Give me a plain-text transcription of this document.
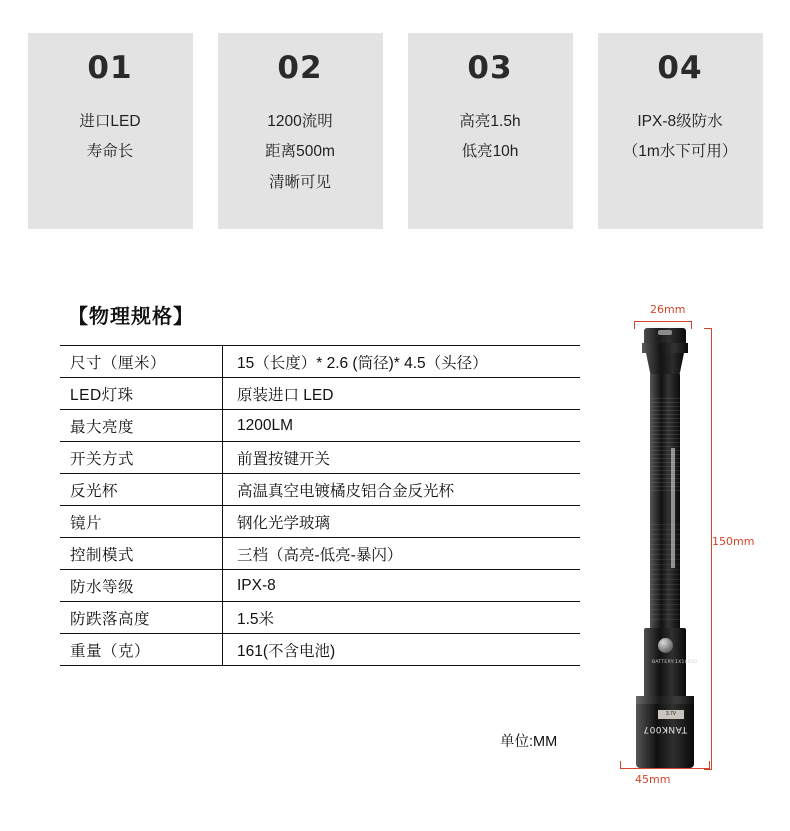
01
进口LED
寿命长
02
1200流明
距离500m
清晰可见
03
高亮1.5h
低亮10h
04
IPX-8级防水
（1m水下可用）
【物理规格】
尺寸（厘米）	15（长度）* 2.6 (筒径)* 4.5（头径）
LED灯珠	原装进口 LED
最大亮度	1200LM
开关方式	前置按键开关
反光杯	高温真空电镀橘皮铝合金反光杯
镜片	钢化光学玻璃
控制模式	三档（高亮-低亮-暴闪）
防水等级	IPX-8
防跌落高度	1.5米
重量（克）	161(不含电池)
单位:MM
26mm
150mm
45mm
BATTERY:1X18650
3.7V
TANK007
